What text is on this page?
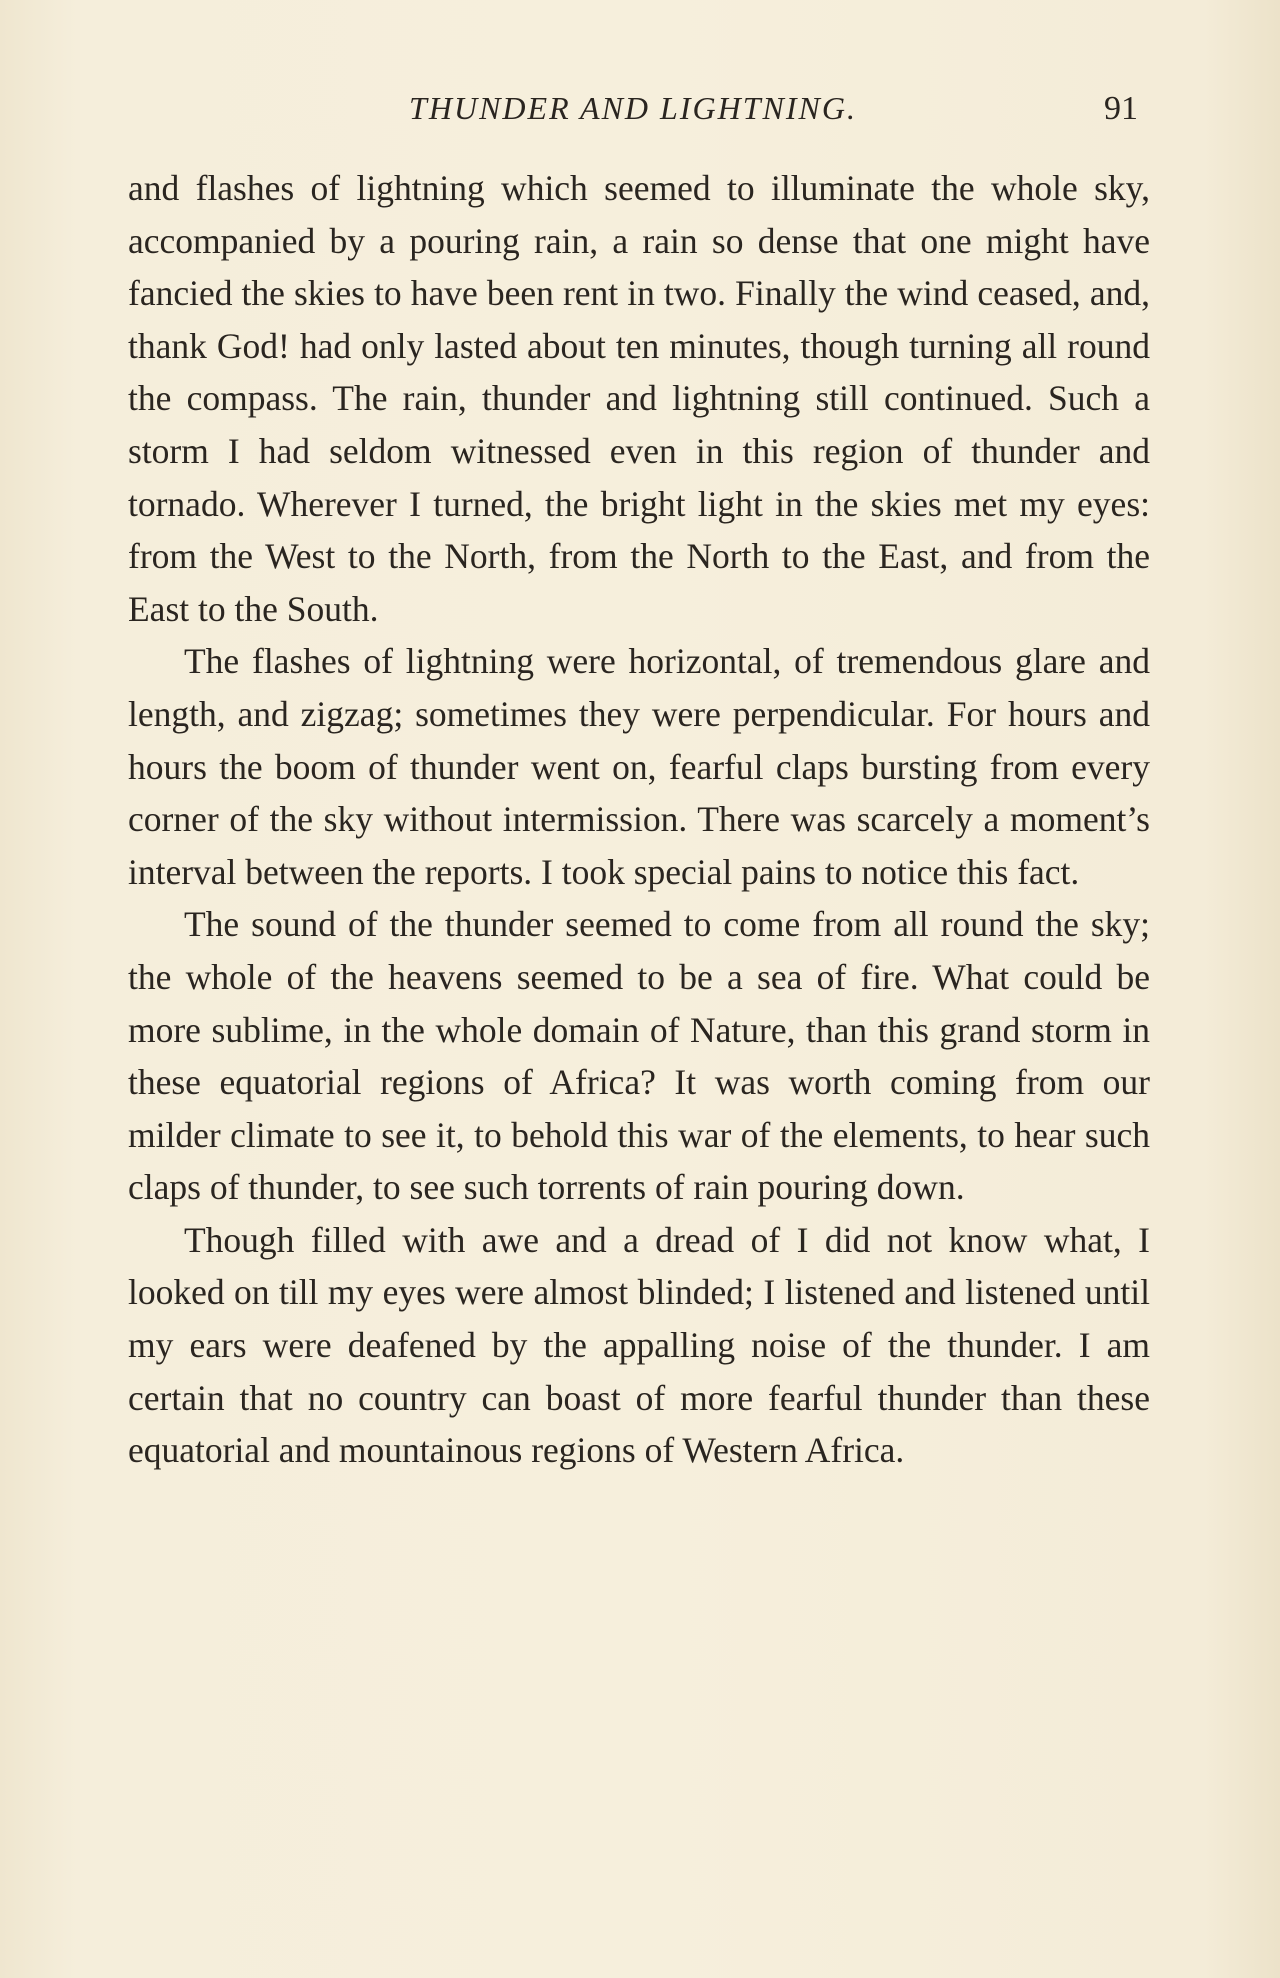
THUNDER AND LIGHTNING.	91

and flashes of lightning which seemed to illuminate the whole sky, accompanied by a pouring rain, a rain so dense that one might have fancied the skies to have been rent in two. Finally the wind ceased, and, thank God! had only lasted about ten minutes, though turning all round the compass. The rain, thunder and lightning still continued. Such a storm I had seldom witnessed even in this region of thunder and tornado. Wherever I turned, the bright light in the skies met my eyes: from the West to the North, from the North to the East, and from the East to the South.

The flashes of lightning were horizontal, of tremendous glare and length, and zigzag; sometimes they were perpendicular. For hours and hours the boom of thunder went on, fearful claps bursting from every corner of the sky without intermission. There was scarcely a moment’s interval between the reports. I took special pains to notice this fact.

The sound of the thunder seemed to come from all round the sky; the whole of the heavens seemed to be a sea of fire. What could be more sublime, in the whole domain of Nature, than this grand storm in these equatorial regions of Africa? It was worth coming from our milder climate to see it, to behold this war of the elements, to hear such claps of thunder, to see such torrents of rain pouring down.

Though filled with awe and a dread of I did not know what, I looked on till my eyes were almost blinded; I listened and listened until my ears were deafened by the appalling noise of the thunder. I am certain that no country can boast of more fearful thunder than these equatorial and mountainous regions of Western Africa.
